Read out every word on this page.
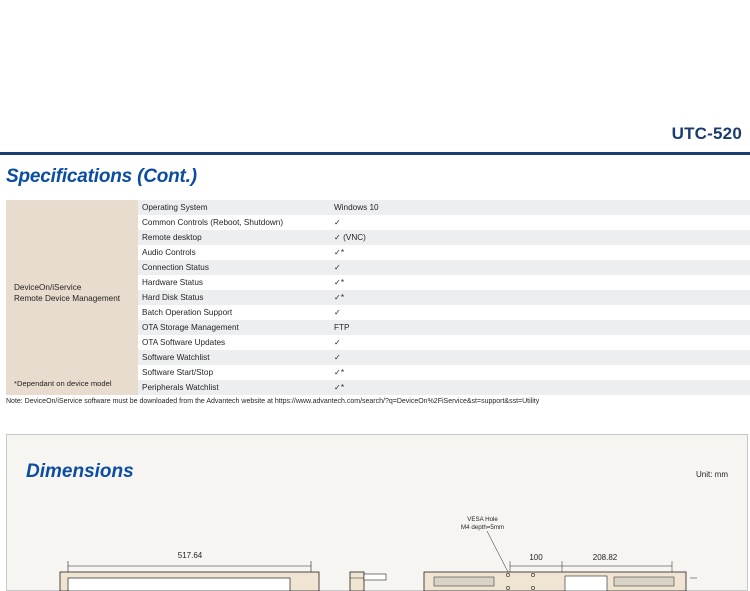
UTC-520
Specifications (Cont.)
DeviceOn/iService
Remote Device Management
*Dependant on device model	Operating System	Windows 10
	Common Controls (Reboot, Shutdown)	✓
	Remote desktop	✓ (VNC)
	Audio Controls	✓*
	Connection Status	✓
	Hardware Status	✓*
	Hard Disk Status	✓*
	Batch Operation Support	✓
	OTA Storage Management	FTP
	OTA Software Updates	✓
	Software Watchlist	✓
	Software Start/Stop	✓*
	Peripherals Watchlist	✓*
Note: DeviceOn/iService software must be downloaded from the Advantech website at https://www.advantech.com/search/?q=DeviceOn%2FiService&st=support&sst=Utility
Dimensions	Unit: mm
VESA Hole
M4 depth=5mm
517.64	100	208.82
